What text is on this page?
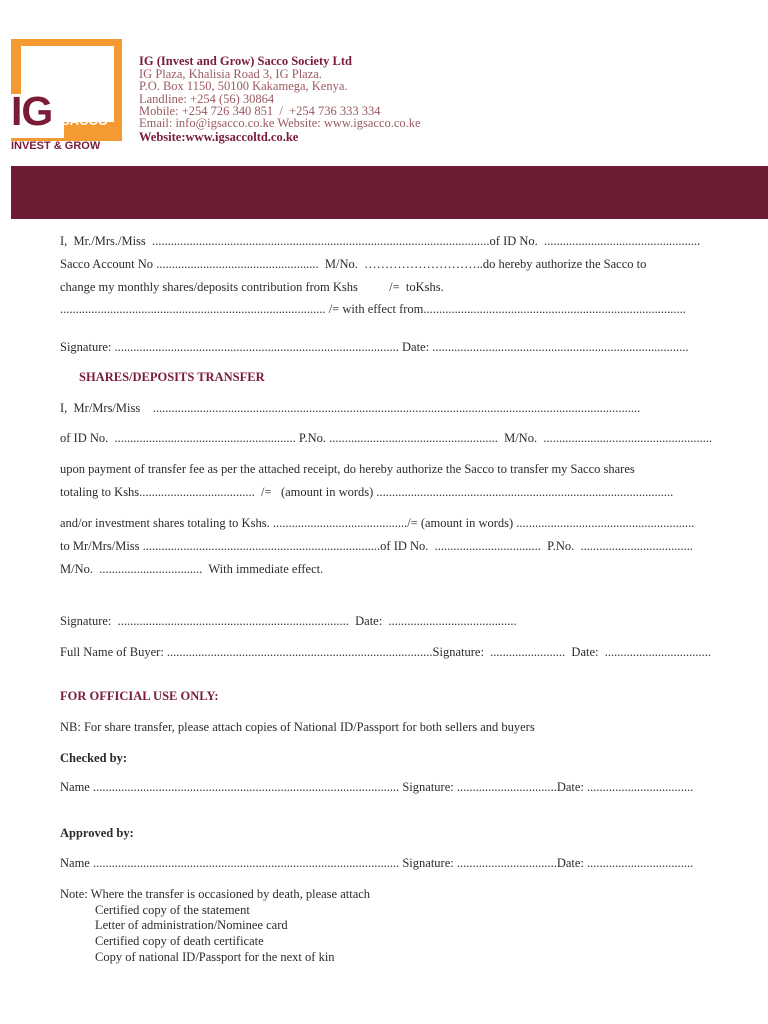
IG SACCO
INVEST & GROW
IG (Invest and Grow) Sacco Society Ltd
IG Plaza, Khalisia Road 3, IG Plaza.
P.O. Box 1150, 50100 Kakamega, Kenya.
Landline: +254 (56) 30864
Mobile: +254 726 340 851  /  +254 736 333 334
Email: info@igsacco.co.ke Website: www.igsacco.co.ke
Website:www.igsaccoltd.co.ke
I,  Mr./Mrs./Miss  ............................................................................................................of ID No.  ..................................................
Sacco Account No ....................................................  M/No.  ………………………..do hereby authorize the Sacco to
change my monthly shares/deposits contribution from Kshs          /=  toKshs.
..................................................................................... /= with effect from....................................................................................
Signature: ........................................................................................... Date: ..................................................................................
SHARES/DEPOSITS TRANSFER
I,  Mr/Mrs/Miss    ............................................................................................................................................................
of ID No.  .......................................................... P.No. ......................................................  M/No.  ......................................................
upon payment of transfer fee as per the attached receipt, do hereby authorize the Sacco to transfer my Sacco shares
totaling to Kshs.....................................  /=   (amount in words) ...............................................................................................
and/or investment shares totaling to Kshs. .........................................../= (amount in words) .........................................................
to Mr/Mrs/Miss ............................................................................of ID No.  ..................................  P.No.  ....................................
M/No.  .................................  With immediate effect.
Signature:  ..........................................................................  Date:  .........................................
Full Name of Buyer: .....................................................................................Signature:  ........................  Date:  ..................................
FOR OFFICIAL USE ONLY:
NB: For share transfer, please attach copies of National ID/Passport for both sellers and buyers
Checked by:
Name .................................................................................................. Signature: ................................Date: ..................................
Approved by:
Name .................................................................................................. Signature: ................................Date: ..................................
Note: Where the transfer is occasioned by death, please attach
Certified copy of the statement
Letter of administration/Nominee card
Certified copy of death certificate
Copy of national ID/Passport for the next of kin
